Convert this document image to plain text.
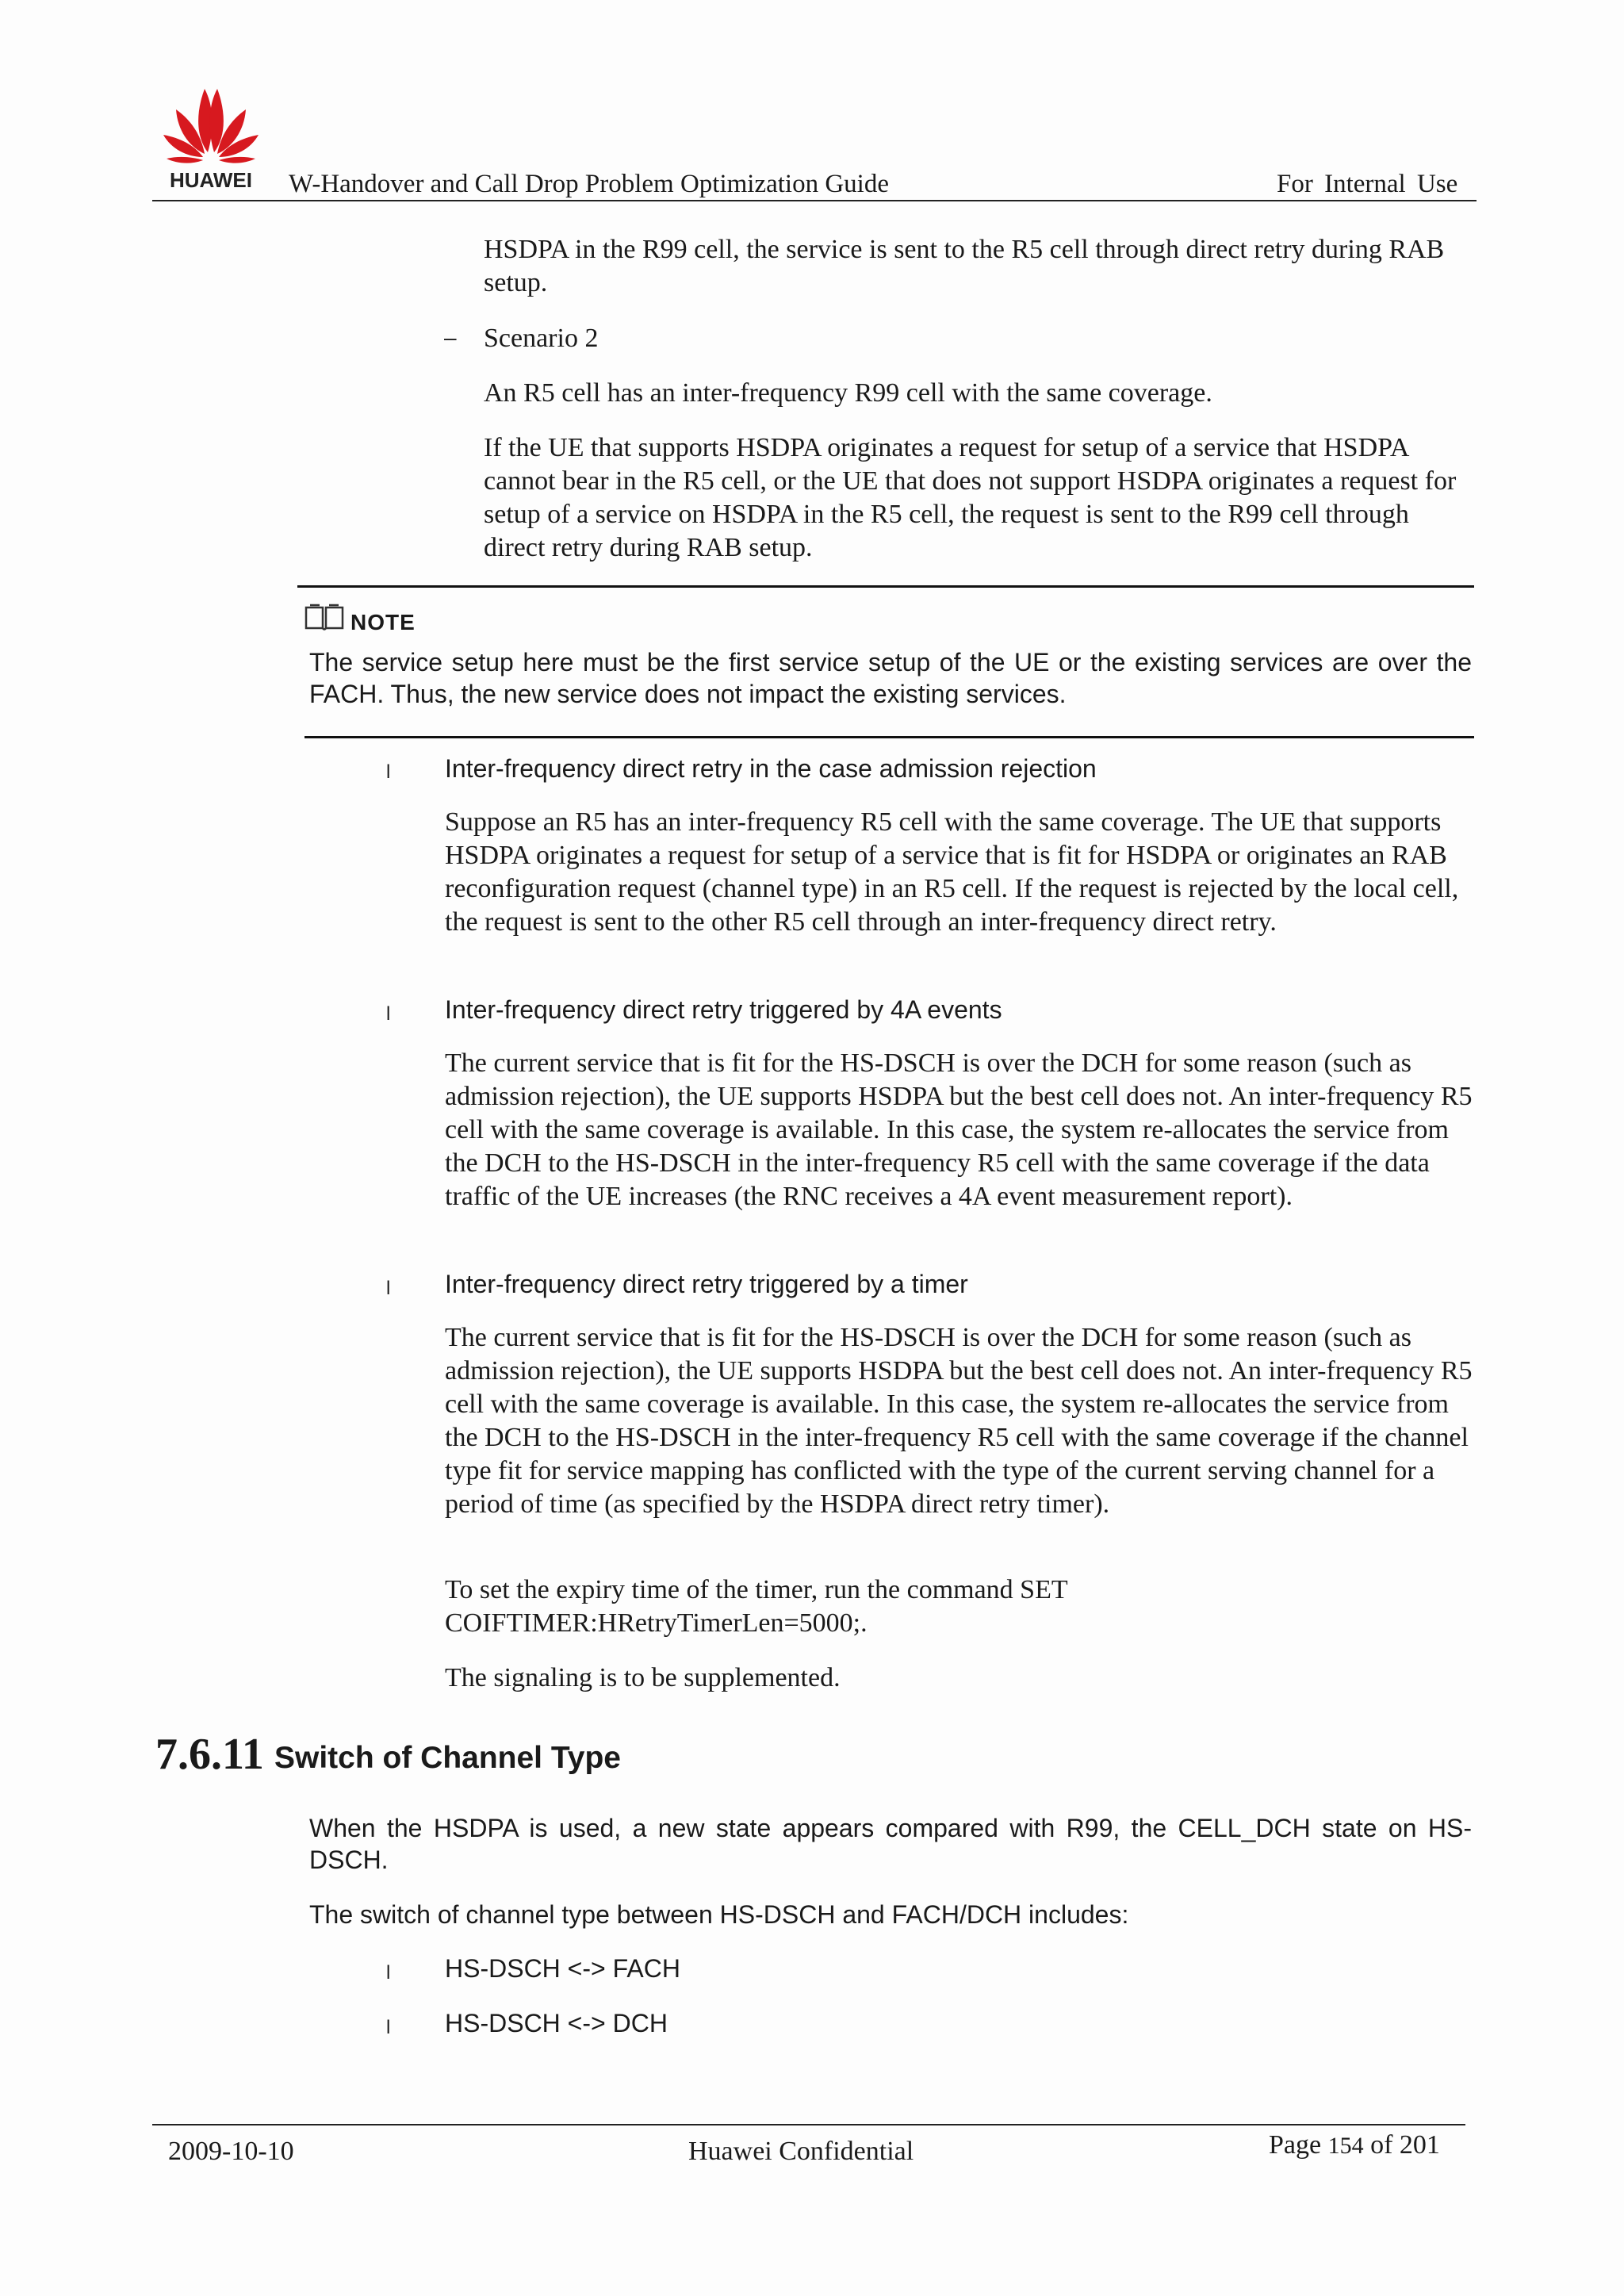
HUAWEI W-Handover and Call Drop Problem Optimization Guide	For Internal Use

HSDPA in the R99 cell, the service is sent to the R5 cell through direct retry during RAB setup.

– Scenario 2

An R5 cell has an inter-frequency R99 cell with the same coverage.

If the UE that supports HSDPA originates a request for setup of a service that HSDPA cannot bear in the R5 cell, or the UE that does not support HSDPA originates a request for setup of a service on HSDPA in the R5 cell, the request is sent to the R99 cell through direct retry during RAB setup.

NOTE

The service setup here must be the first service setup of the UE or the existing services are over the FACH. Thus, the new service does not impact the existing services.

l Inter-frequency direct retry in the case admission rejection

Suppose an R5 has an inter-frequency R5 cell with the same coverage. The UE that supports HSDPA originates a request for setup of a service that is fit for HSDPA or originates an RAB reconfiguration request (channel type) in an R5 cell. If the request is rejected by the local cell, the request is sent to the other R5 cell through an inter-frequency direct retry.

l Inter-frequency direct retry triggered by 4A events

The current service that is fit for the HS-DSCH is over the DCH for some reason (such as admission rejection), the UE supports HSDPA but the best cell does not. An inter-frequency R5 cell with the same coverage is available. In this case, the system re-allocates the service from the DCH to the HS-DSCH in the inter-frequency R5 cell with the same coverage if the data traffic of the UE increases (the RNC receives a 4A event measurement report).

l Inter-frequency direct retry triggered by a timer

The current service that is fit for the HS-DSCH is over the DCH for some reason (such as admission rejection), the UE supports HSDPA but the best cell does not. An inter-frequency R5 cell with the same coverage is available. In this case, the system re-allocates the service from the DCH to the HS-DSCH in the inter-frequency R5 cell with the same coverage if the channel type fit for service mapping has conflicted with the type of the current serving channel for a period of time (as specified by the HSDPA direct retry timer).

To set the expiry time of the timer, run the command SET COIFTIMER:HRetryTimerLen=5000;.

The signaling is to be supplemented.

7.6.11 Switch of Channel Type

When the HSDPA is used, a new state appears compared with R99, the CELL_DCH state on HS-DSCH.

The switch of channel type between HS-DSCH and FACH/DCH includes:

l HS-DSCH <-> FACH

l HS-DSCH <-> DCH

2009-10-10	Huawei Confidential	Page 154 of 201
